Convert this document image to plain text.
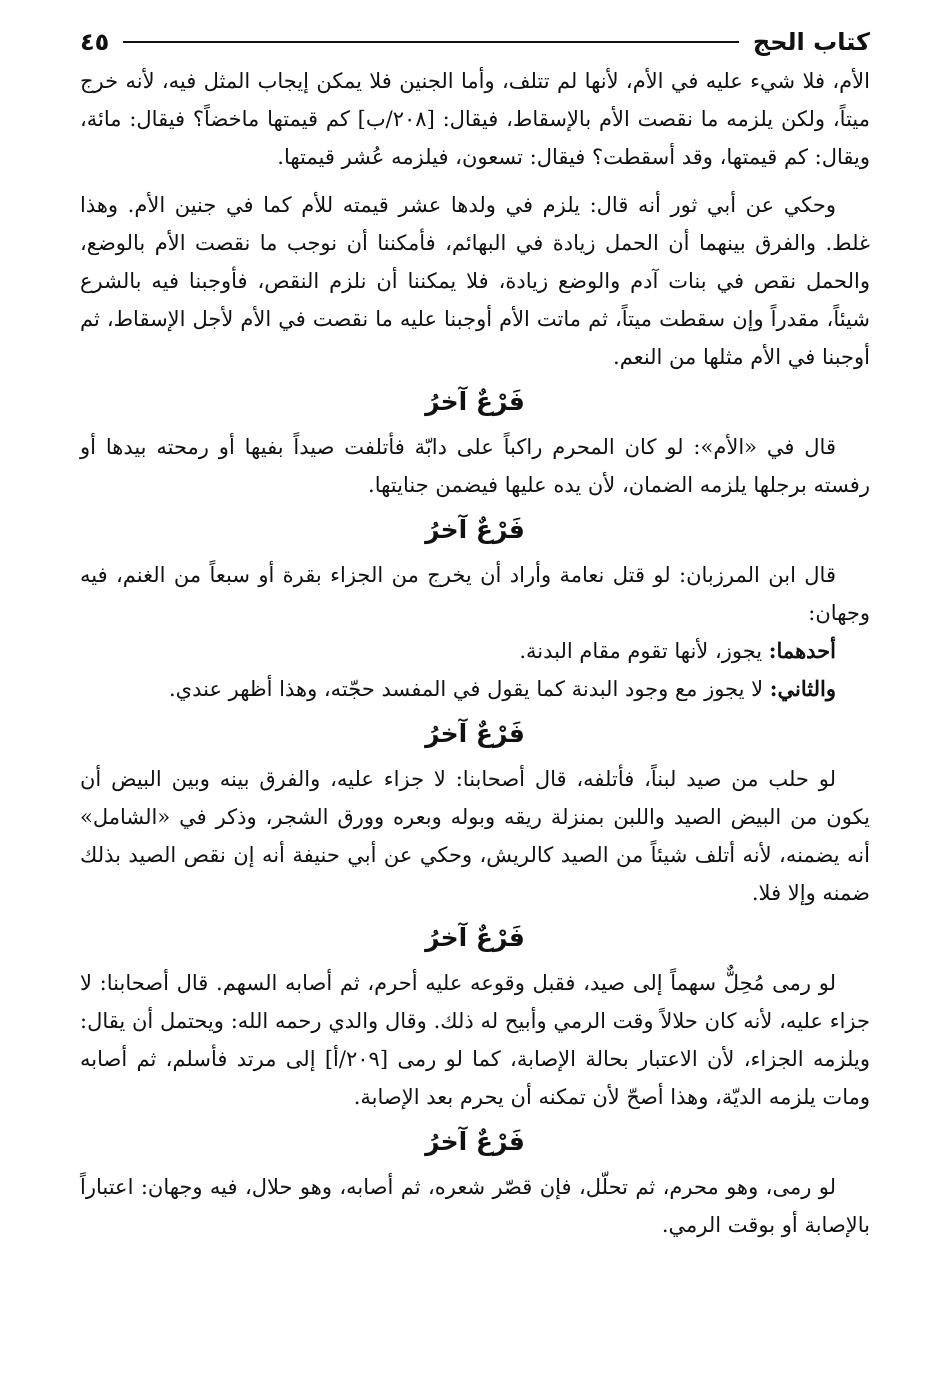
كتاب الحج
٤٥

الأم، فلا شيء عليه في الأم، لأنها لم تتلف، وأما الجنين فلا يمكن إيجاب المثل فيه، لأنه خرج ميتاً، ولكن يلزمه ما نقصت الأم بالإسقاط، فيقال: [٢٠٨/ب] كم قيمتها ماخضاً؟ فيقال: مائة، ويقال: كم قيمتها، وقد أسقطت؟ فيقال: تسعون، فيلزمه عُشر قيمتها.

وحكي عن أبي ثور أنه قال: يلزم في ولدها عشر قيمته للأم كما في جنين الأم. وهذا غلط. والفرق بينهما أن الحمل زيادة في البهائم، فأمكننا أن نوجب ما نقصت الأم بالوضع، والحمل نقص في بنات آدم والوضع زيادة، فلا يمكننا أن نلزم النقص، فأوجبنا فيه بالشرع شيئاً، مقدراً وإن سقطت ميتاً، ثم ماتت الأم أوجبنا عليه ما نقصت في الأم لأجل الإسقاط، ثم أوجبنا في الأم مثلها من النعم.

فَرْعٌ آخرُ

قال في «الأم»: لو كان المحرم راكباً على دابّة فأتلفت صيداً بفيها أو رمحته بيدها أو رفسته برجلها يلزمه الضمان، لأن يده عليها فيضمن جنايتها.

فَرْعٌ آخرُ

قال ابن المرزبان: لو قتل نعامة وأراد أن يخرج من الجزاء بقرة أو سبعاً من الغنم، فيه وجهان:

أحدهما: يجوز، لأنها تقوم مقام البدنة.

والثاني: لا يجوز مع وجود البدنة كما يقول في المفسد حجّته، وهذا أظهر عندي.

فَرْعٌ آخرُ

لو حلب من صيد لبناً، فأتلفه، قال أصحابنا: لا جزاء عليه، والفرق بينه وبين البيض أن يكون من البيض الصيد واللبن بمنزلة ريقه وبوله وبعره وورق الشجر، وذكر في «الشامل» أنه يضمنه، لأنه أتلف شيئاً من الصيد كالريش، وحكي عن أبي حنيفة أنه إن نقص الصيد بذلك ضمنه وإلا فلا.

فَرْعٌ آخرُ

لو رمى مُحِلٌّ سهماً إلى صيد، فقبل وقوعه عليه أحرم، ثم أصابه السهم. قال أصحابنا: لا جزاء عليه، لأنه كان حلالاً وقت الرمي وأبيح له ذلك. وقال والدي رحمه الله: ويحتمل أن يقال: ويلزمه الجزاء، لأن الاعتبار بحالة الإصابة، كما لو رمى [٢٠٩/أ] إلى مرتد فأسلم، ثم أصابه ومات يلزمه الديّة، وهذا أصحّ لأن تمكنه أن يحرم بعد الإصابة.

فَرْعٌ آخرُ

لو رمى، وهو محرم، ثم تحلّل، فإن قصّر شعره، ثم أصابه، وهو حلال، فيه وجهان: اعتباراً بالإصابة أو بوقت الرمي.
